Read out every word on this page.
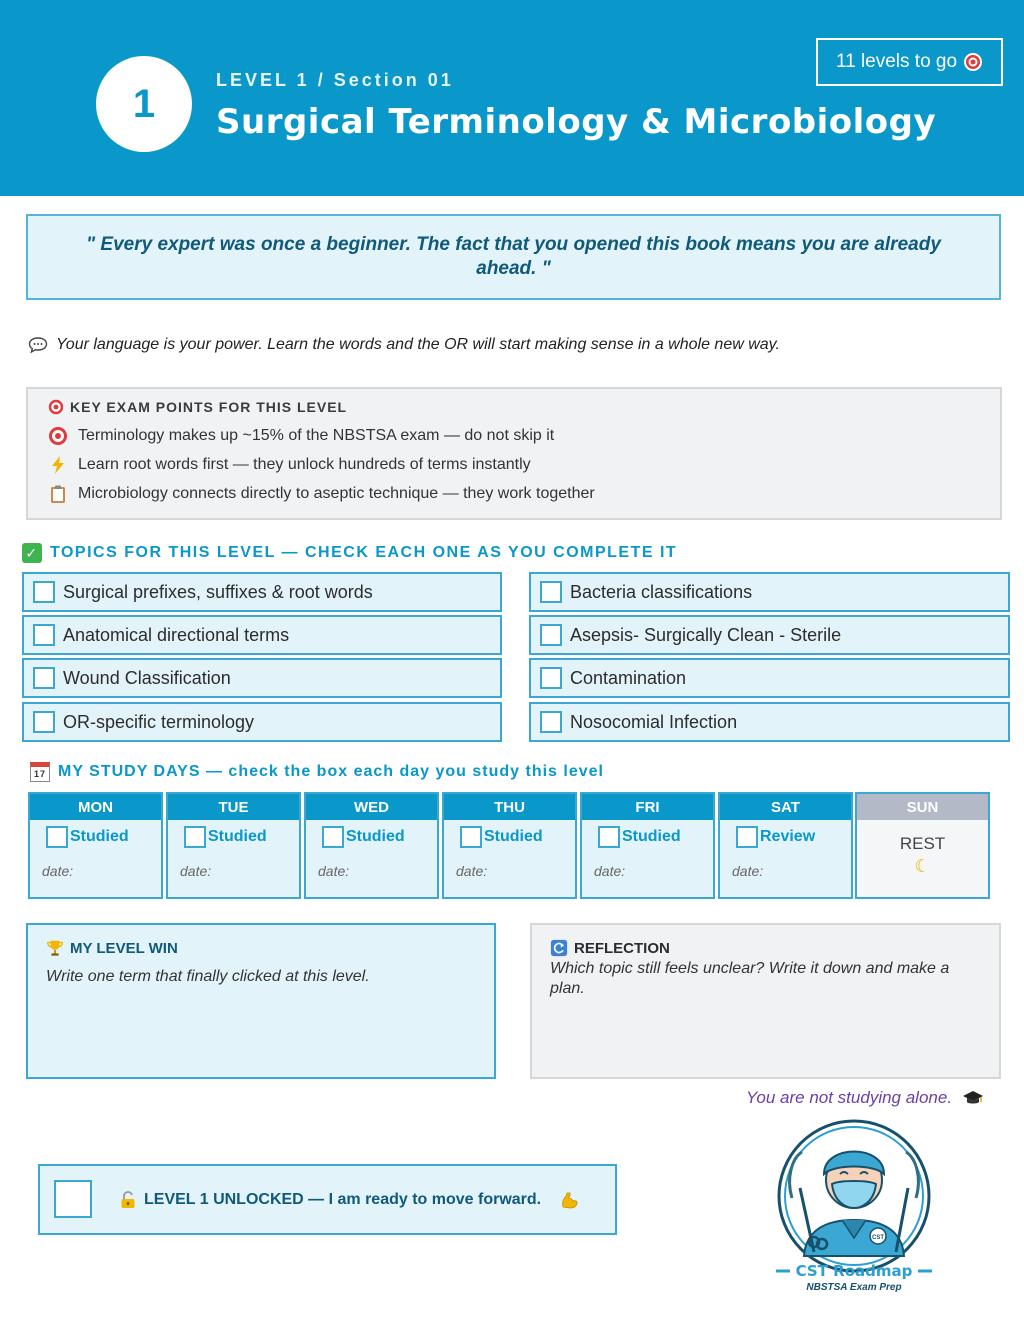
1
LEVEL 1 / Section 01
Surgical Terminology & Microbiology
11 levels to go
" Every expert was once a beginner. The fact that you opened this book means you are already ahead. "
Your language is your power. Learn the words and the OR will start making sense in a whole new way.
KEY EXAM POINTS FOR THIS LEVEL
Terminology makes up ~15% of the NBSTSA exam — do not skip it
Learn root words first — they unlock hundreds of terms instantly
Microbiology connects directly to aseptic technique — they work together
✓ TOPICS FOR THIS LEVEL — CHECK EACH ONE AS YOU COMPLETE IT
Surgical prefixes, suffixes & root words
Anatomical directional terms
Wound Classification
OR-specific terminology
Bacteria classifications
Asepsis- Surgically Clean - Sterile
Contamination
Nosocomial Infection
17 MY STUDY DAYS — check the box each day you study this level
MON
Studied
date:
TUE
Studied
date:
WED
Studied
date:
THU
Studied
date:
FRI
Studied
date:
SAT
Review
date:
SUN
REST
☾
MY LEVEL WIN
Write one term that finally clicked at this level.
REFLECTION
Which topic still feels unclear? Write it down and make a plan.
You are not studying alone.
LEVEL 1 UNLOCKED — I am ready to move forward.
CST
CST Roadmap
NBSTSA Exam Prep
